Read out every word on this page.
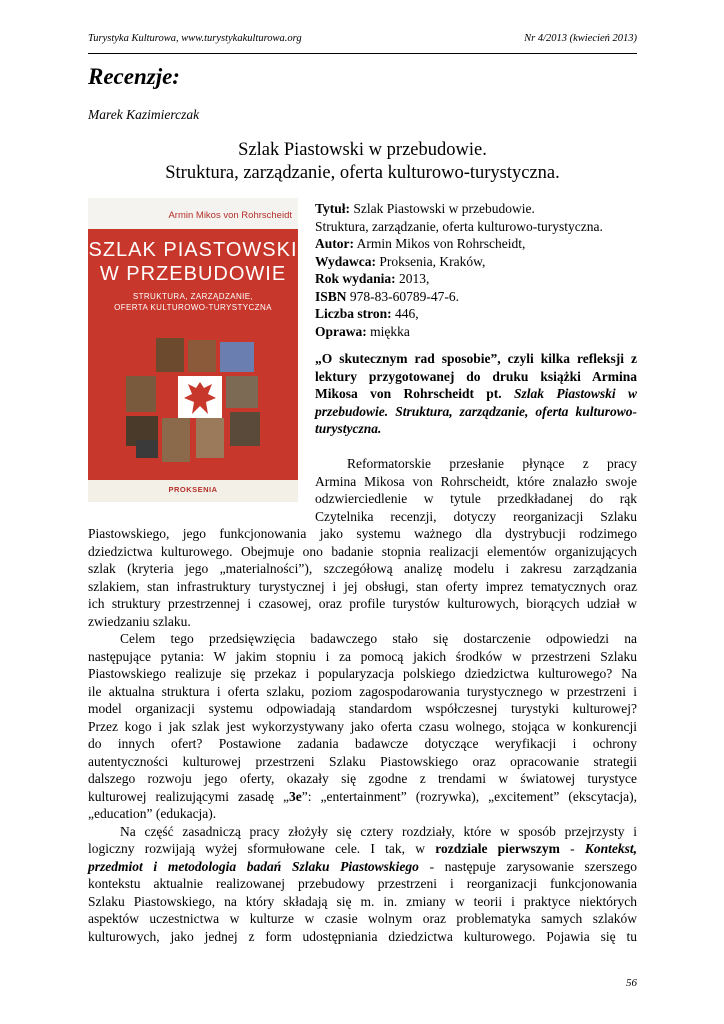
Turystyka Kulturowa, www.turystykakulturowa.org	Nr 4/2013 (kwiecień 2013)
Recenzje:
Marek Kazimierczak
Szlak Piastowski w przebudowie.
Struktura, zarządzanie, oferta kulturowo-turystyczna.
Armin Mikos von Rohrscheidt
SZLAK PIASTOWSKI
W PRZEBUDOWIE
STRUKTURA, ZARZĄDZANIE,
OFERTA KULTUROWO-TURYSTYCZNA
PROKSENIA
Tytuł: Szlak Piastowski w przebudowie.
Struktura, zarządzanie, oferta kulturowo-turystyczna.
Autor: Armin Mikos von Rohrscheidt,
Wydawca: Proksenia, Kraków,
Rok wydania: 2013,
ISBN 978-83-60789-47-6.
Liczba stron: 446,
Oprawa: miękka
„O skutecznym rad sposobie”, czyli kilka refleksji z lektury przygotowanej do druku książki Armina Mikosa von Rohrscheidt pt. Szlak Piastowski w przebudowie. Struktura, zarządzanie, oferta kulturowo-turystyczna.
Reformatorskie przesłanie płynące z pracy
Armina Mikosa von Rohrscheidt, które znalazło swoje
odzwierciedlenie w tytule przedkładanej do rąk
Czytelnika recenzji, dotyczy reorganizacji Szlaku
Piastowskiego, jego funkcjonowania jako systemu ważnego dla dystrybucji rodzimego
dziedzictwa kulturowego. Obejmuje ono badanie stopnia realizacji elementów organizujących
szlak (kryteria jego „materialności”), szczegółową analizę modelu i zakresu zarządzania
szlakiem, stan infrastruktury turystycznej i jej obsługi, stan oferty imprez tematycznych oraz
ich struktury przestrzennej i czasowej, oraz profile turystów kulturowych, biorących udział w
zwiedzaniu szlaku.
Celem tego przedsięwzięcia badawczego stało się dostarczenie odpowiedzi na
następujące pytania: W jakim stopniu i za pomocą jakich środków w przestrzeni Szlaku
Piastowskiego realizuje się przekaz i popularyzacja polskiego dziedzictwa kulturowego? Na
ile aktualna struktura i oferta szlaku, poziom zagospodarowania turystycznego w przestrzeni i
model organizacji systemu odpowiadają standardom współczesnej turystyki kulturowej?
Przez kogo i jak szlak jest wykorzystywany jako oferta czasu wolnego, stojąca w konkurencji
do innych ofert? Postawione zadania badawcze dotyczące weryfikacji i ochrony
autentyczności kulturowej przestrzeni Szlaku Piastowskiego oraz opracowanie strategii
dalszego rozwoju jego oferty, okazały się zgodne z trendami w światowej turystyce
kulturowej realizującymi zasadę „3e”: „entertainment” (rozrywka), „excitement” (ekscytacja),
„education” (edukacja).
Na część zasadniczą pracy złożyły się cztery rozdziały, które w sposób przejrzysty i
logiczny rozwijają wyżej sformułowane cele. I tak, w rozdziale pierwszym - Kontekst,
przedmiot i metodologia badań Szlaku Piastowskiego - następuje zarysowanie szerszego
kontekstu aktualnie realizowanej przebudowy przestrzeni i reorganizacji funkcjonowania
Szlaku Piastowskiego, na który składają się m. in. zmiany w teorii i praktyce niektórych
aspektów uczestnictwa w kulturze w czasie wolnym oraz problematyka samych szlaków
kulturowych, jako jednej z form udostępniania dziedzictwa kulturowego. Pojawia się tu
56
